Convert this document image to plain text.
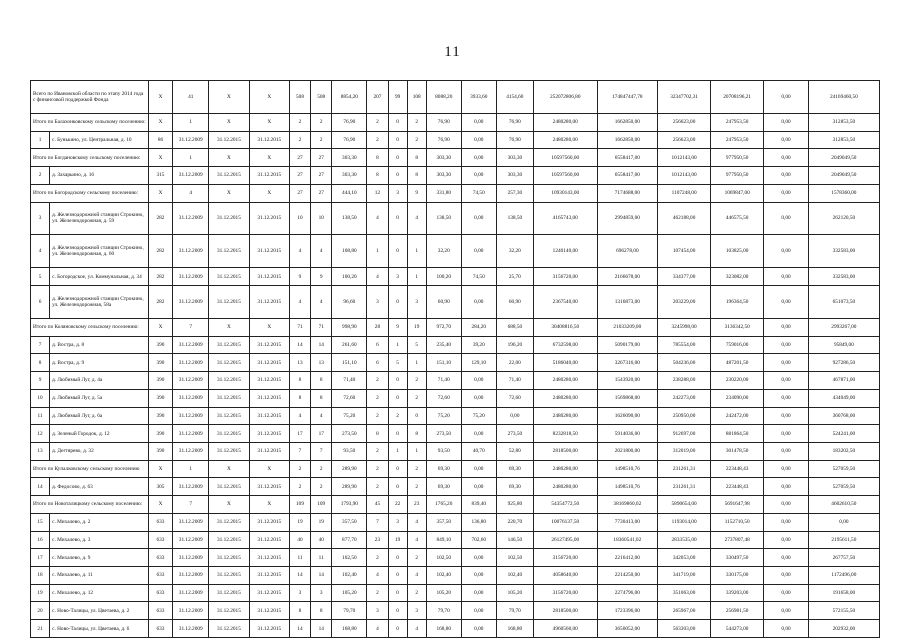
11
Всего по Ивановской области по этапу 2014 года с финансовой поддержкой Фонда		X	41	X	X	508	508	8854,20	207	99	108	8088,20	3933,60	4154,60	252072806,80	174847447,78	32347702,31	20708196,21	0,00	24169460,50
Итого по Балахонковскому сельскому поселению:		X	1	X	X	2	2	76,90	2	0	2	76,90	0,00	76,90	2480280,00	1662850,00	256623,00	247953,50	0,00	312853,50
1	с. Бунькино, ул. Центральная, д. 10	86	31.12.2009	31.12.2015	31.12.2015	2	2	76,90	2	0	2	76,90	0,00	76,90	2480280,00	1662850,00	256623,00	247953,50	0,00	312853,50
Итого по Богдановскому сельскому поселению:		X	1	X	X	27	27	303,30	8	0	8	303,30	0,00	303,30	10597560,00	6558417,00	1012143,00	977950,50	0,00	2049049,50
2	д. Захарьино, д. 16	315	31.12.2009	31.12.2015	31.12.2015	27	27	303,30	8	0	8	303,30	0,00	303,30	10597560,00	6558417,00	1012143,00	977950,50	0,00	2049049,50
Итого по Богородскому сельскому поселению:		X	4	X	X	27	27	444,10	12	3	9	331,80	74,50	257,30	10930143,00	7174688,00	1107248,00	1069847,00	0,00	1578360,00
3	д. Железнодорожной станции Строкино, ул. Железнодорожная, д. 59	282	31.12.2009	31.12.2015	31.12.2015	10	10	138,50	4	0	4	138,50	0,00	138,50	4165743,00	2994859,00	462188,00	446575,50	0,00	262120,50
4	д. Железнодорожной станции Строкино, ул. Железнодорожная, д. 60	282	31.12.2009	31.12.2015	31.12.2015	4	4	108,80	1	0	1	32,20	0,00	32,20	1240140,00	696278,00	107454,00	103825,00	0,00	332583,00
5	с. Богородское, ул. Коммунальная, д. 34	282	31.12.2009	31.12.2015	31.12.2015	9	9	100,20	4	3	1	100,20	74,50	25,70	3156720,00	2166678,00	334377,00	323082,00	0,00	332583,00
6	д. Железнодорожной станции Строкино, ул. Железнодорожная, 58а	282	31.12.2009	31.12.2015	31.12.2015	4	4	96,60	3	0	3	60,90	0,00	60,90	2367540,00	1316873,00	203229,00	196364,50	0,00	651073,50
Итого по Коляновскому сельскому поселению:		X	7	X	X	71	71	998,90	28	9	19	972,70	284,20	688,50	30408816,50	21033209,00	3245998,00	3136342,50	0,00	2993267,00
7	д. Востра, д. 8	390	31.12.2009	31.12.2015	31.12.2015	14	14	261,60	6	1	5	235,40	39,20	196,20	6732598,00	5090179,00	785554,00	759016,00	0,00	95849,00
8	д. Востра, д. 9	390	31.12.2009	31.12.2015	31.12.2015	13	13	151,10	6	5	1	151,10	129,10	22,00	5186040,00	3267316,00	504236,00	487201,50	0,00	927286,50
9	д. Любимый Луг, д. 4а	390	31.12.2009	31.12.2015	31.12.2015	8	8	71,40	2	0	2	71,40	0,00	71,40	2480280,00	1543920,00	238288,00	230220,00	0,00	467871,00
10	д. Любимый Луг, д. 5а	390	31.12.2009	31.12.2015	31.12.2015	8	8	72,60	2	0	2	72,60	0,00	72,60	2480280,00	1569868,00	242273,00	234090,00	0,00	434049,00
11	д. Любимый Луг, д. 6а	390	31.12.2009	31.12.2015	31.12.2015	4	4	75,20	2	2	0	75,20	75,20	0,00	2480280,00	1626090,00	250950,00	242472,00	0,00	360768,00
12	д. Зеленый Городок, д. 12	390	31.12.2009	31.12.2015	31.12.2015	17	17	273,50	8	0	8	273,50	0,00	273,50	8232818,50	5914036,00	912697,00	881864,50	0,00	524241,00
13	д. Дегтярево, д. 32	390	31.12.2009	31.12.2015	31.12.2015	7	7	93,50	2	1	1	93,50	40,70	52,80	2818500,00	2021800,00	312019,00	301478,50	0,00	183202,50
Итого по Купалковскому сельскому поселению		X	1	X	X	2	2	289,90	2	0	2	69,30	0,00	69,30	2480280,00	1498510,76	231261,31	223448,43	0,00	527059,50
14	д. Федосово, д. 63	305	31.12.2009	31.12.2015	31.12.2015	2	2	289,90	2	0	2	69,30	0,00	69,30	2480280,00	1498510,76	231261,31	223448,43	0,00	527059,50
Итого по Новоталицкому сельскому поселению:		X	7	X	X	109	109	1793,90	45	22	23	1765,20	839,40	925,80	54354772,50	38169860,02	5890654,00	5691647,98	0,00	4602610,50
15	с. Михалево, д. 2	633	31.12.2009	31.12.2015	31.12.2015	19	19	357,50	7	3	4	357,50	136,80	220,70	10076137,50	7730413,00	1193014,00	1152710,50	0,00	0,00
16	с. Михалево, д. 3	633	31.12.2009	31.12.2015	31.12.2015	40	40	877,70	23	19	4	849,10	702,60	146,50	26127495,00	18360541,02	2833535,00	2737807,48	0,00	2195611,50
17	с. Михалево, д. 9	633	31.12.2009	31.12.2015	31.12.2015	11	11	102,50	2	0	2	102,50	0,00	102,50	3156720,00	2216412,00	342053,00	330497,50	0,00	267757,50
18	с. Михалево, д. 11	633	31.12.2009	31.12.2015	31.12.2015	14	14	102,40	4	0	4	102,40	0,00	102,40	4058640,00	2214250,00	341719,00	330175,00	0,00	1172496,00
19	с. Михалево, д. 12	633	31.12.2009	31.12.2015	31.12.2015	3	3	105,20	2	0	2	105,20	0,00	105,20	3156720,00	2274796,00	351063,00	339203,00	0,00	191658,00
20	с. Ново-Талицы, ул. Цветаева, д. 2	633	31.12.2009	31.12.2015	31.12.2015	8	8	79,70	3	0	3	79,70	0,00	79,70	2818500,00	1723396,00	265967,00	256981,50	0,00	572155,50
21	с. Ново-Талицы, ул. Цветаева, д. 6	633	31.12.2009	31.12.2015	31.12.2015	14	14	168,80	4	0	4	168,80	0,00	168,80	4960560,00	3650052,00	563303,00	544273,00	0,00	202932,00
